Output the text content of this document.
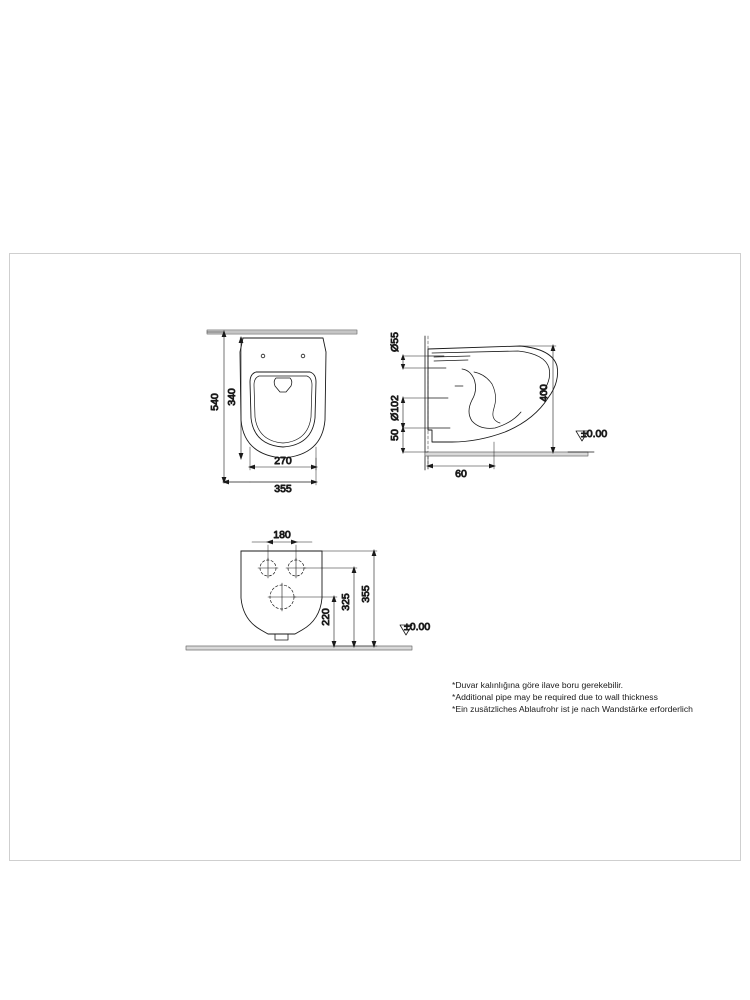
540 340
270
355
Ø55
Ø102
50
60
400
±0.00
180
220
325 355
±0.00
*Duvar kalınlığına göre ilave boru gerekebilir.
*Additional pipe may be required due to wall thickness
*Ein zusätzliches Ablaufrohr ist je nach Wandstärke erforderlich
